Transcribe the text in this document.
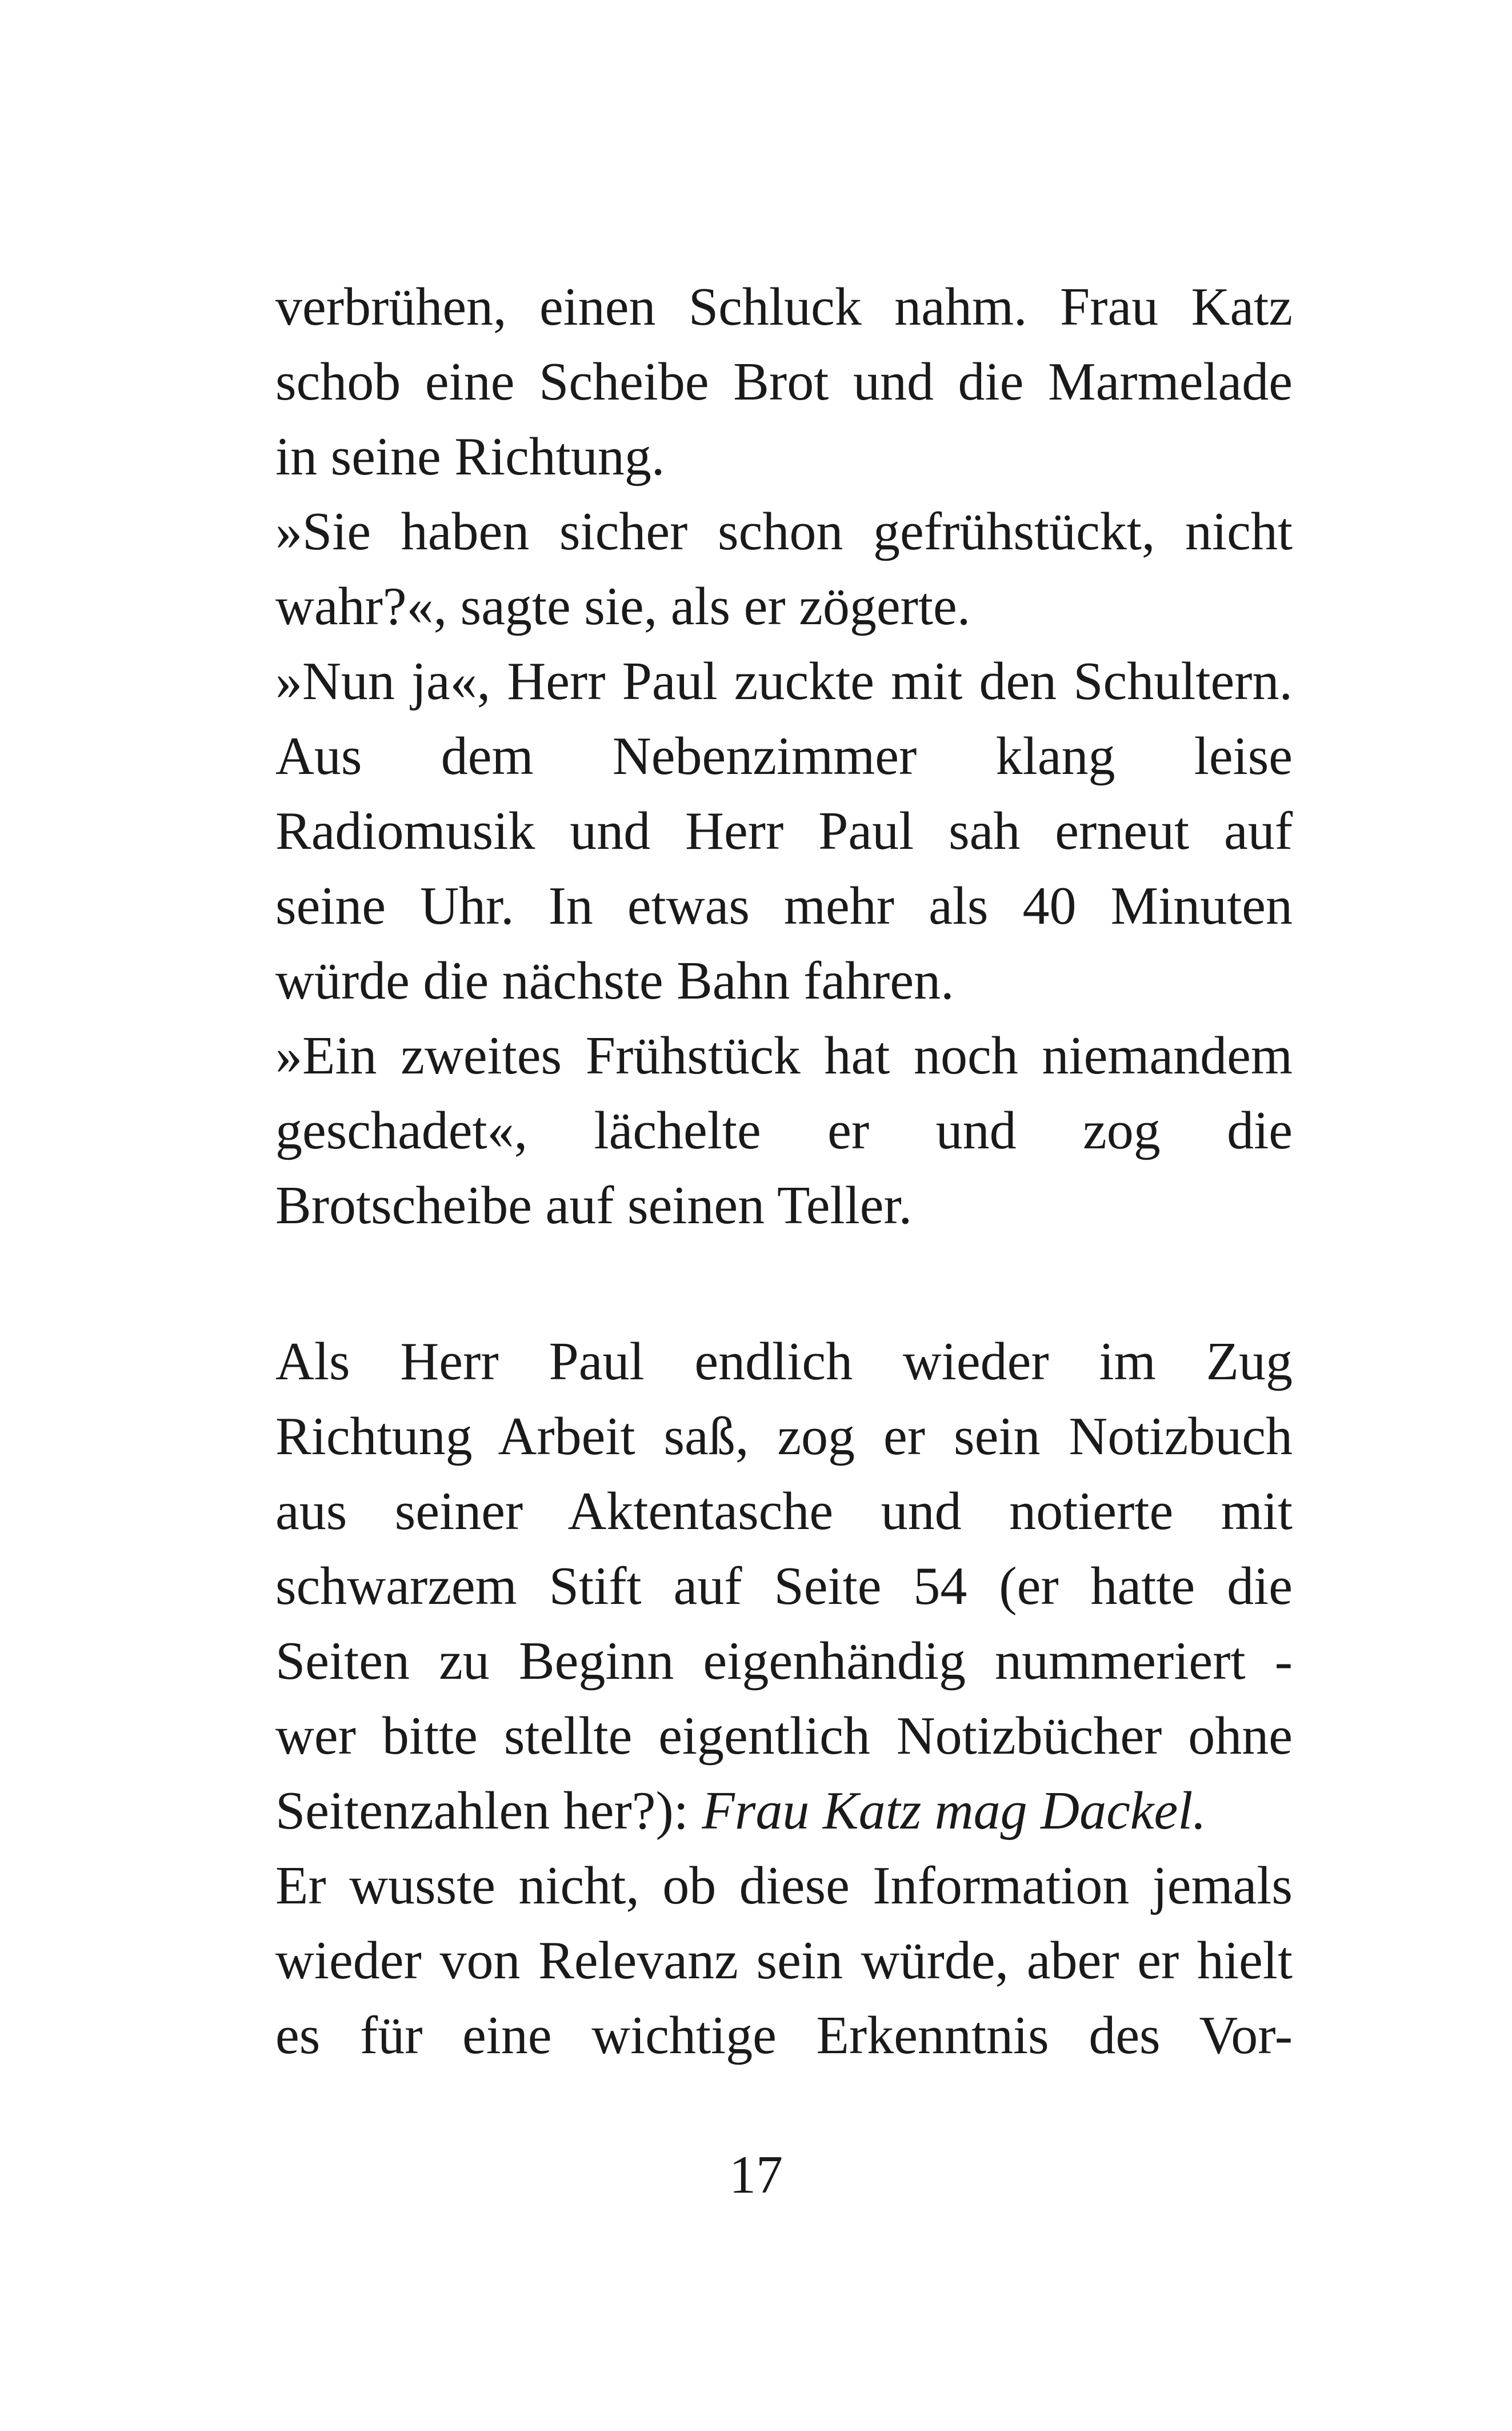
verbrühen, einen Schluck nahm. Frau Katz
schob eine Scheibe Brot und die Marmelade
in seine Richtung.
»Sie haben sicher schon gefrühstückt, nicht
wahr?«, sagte sie, als er zögerte.
»Nun ja«, Herr Paul zuckte mit den Schultern.
Aus dem Nebenzimmer klang leise
Radiomusik und Herr Paul sah erneut auf
seine Uhr. In etwas mehr als 40 Minuten
würde die nächste Bahn fahren.
»Ein zweites Frühstück hat noch niemandem
geschadet«, lächelte er und zog die
Brotscheibe auf seinen Teller.
Als Herr Paul endlich wieder im Zug
Richtung Arbeit saß, zog er sein Notizbuch
aus seiner Aktentasche und notierte mit
schwarzem Stift auf Seite 54 (er hatte die
Seiten zu Beginn eigenhändig nummeriert -
wer bitte stellte eigentlich Notizbücher ohne
Seitenzahlen her?): Frau Katz mag Dackel.
Er wusste nicht, ob diese Information jemals
wieder von Relevanz sein würde, aber er hielt
es für eine wichtige Erkenntnis des Vor-
17
